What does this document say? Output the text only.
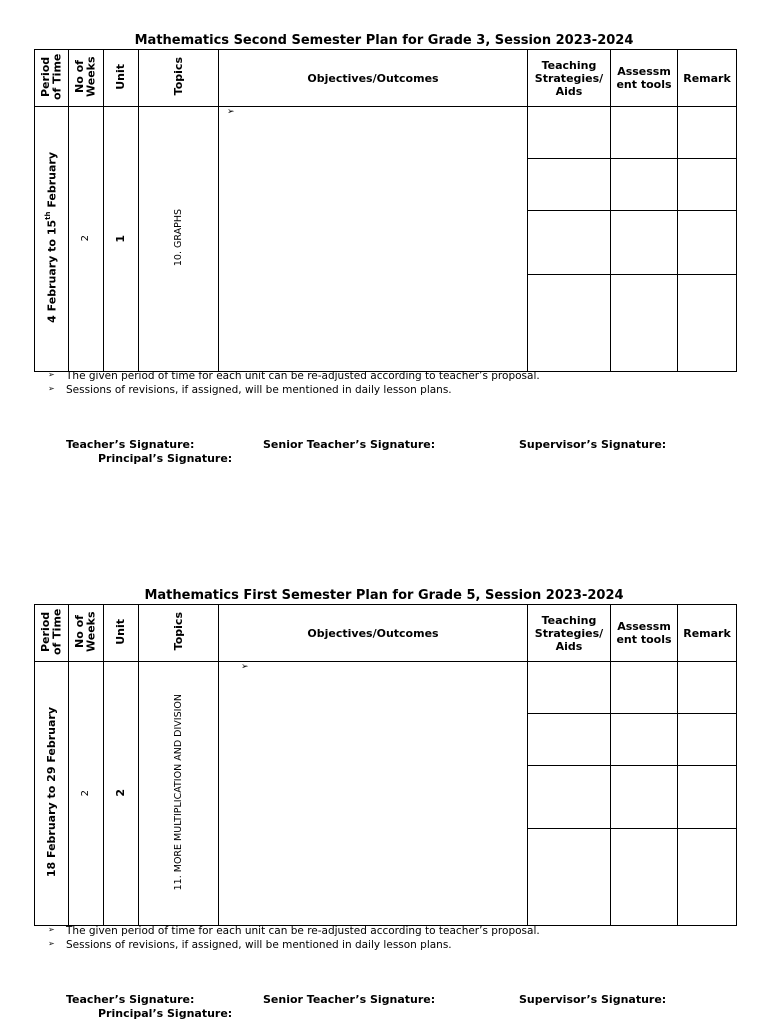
Mathematics Second Semester Plan for Grade 3, Session 2023-2024
Period of Time	No of Weeks	Unit	Topics	Objectives/Outcomes	Teaching Strategies/ Aids	Assessm ent tools	Remark
4 February to 15th February	2	1	10. GRAPHS	➢			

➢ The given period of time for each unit can be re-adjusted according to teacher’s proposal.
➢ Sessions of revisions, if assigned, will be mentioned in daily lesson plans.
Teacher’s Signature:	Senior Teacher’s Signature:	Supervisor’s Signature:
Principal’s Signature:
Mathematics First Semester Plan for Grade 5, Session 2023-2024
Period of Time	No of Weeks	Unit	Topics	Objectives/Outcomes	Teaching Strategies/ Aids	Assessm ent tools	Remark
18 February to 29 February	2	2	11. MORE MULTIPLICATION AND DIVISION	➢			

➢ The given period of time for each unit can be re-adjusted according to teacher’s proposal.
➢ Sessions of revisions, if assigned, will be mentioned in daily lesson plans.
Teacher’s Signature:	Senior Teacher’s Signature:	Supervisor’s Signature:
Principal’s Signature:
